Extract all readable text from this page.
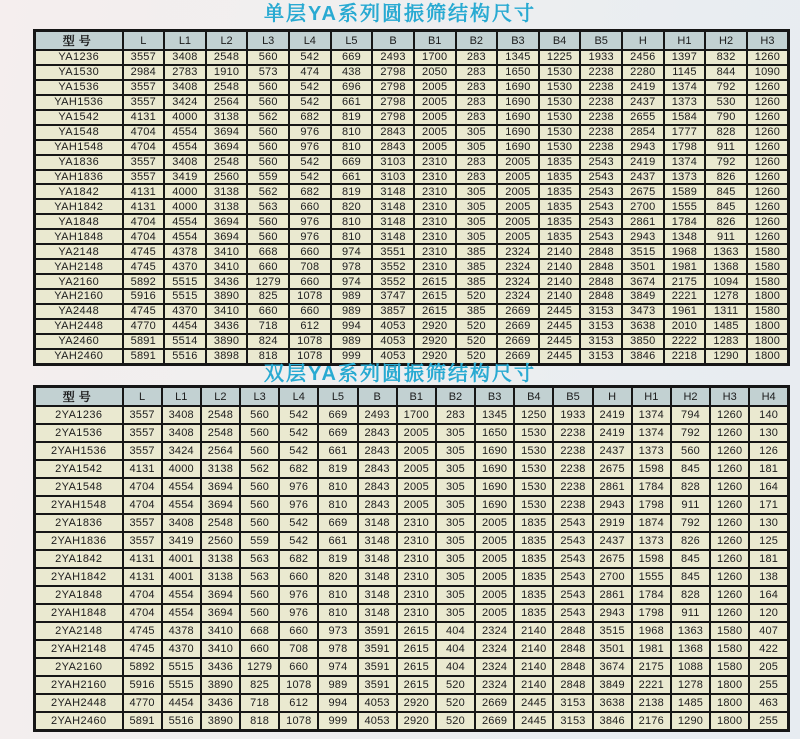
单层YA系列圆振筛结构尺寸
型号	L	L1	L2	L3	L4	L5	B	B1	B2	B3	B4	B5	H	H1	H2	H3
YA1236	3557	3408	2548	560	542	669	2493	1700	283	1345	1225	1933	2456	1397	832	1260
YA1530	2984	2783	1910	573	474	438	2798	2050	283	1650	1530	2238	2280	1145	844	1090
YA1536	3557	3408	2548	560	542	696	2798	2005	283	1690	1530	2238	2419	1374	792	1260
YAH1536	3557	3424	2564	560	542	661	2798	2005	283	1690	1530	2238	2437	1373	530	1260
YA1542	4131	4000	3138	562	682	819	2798	2005	283	1690	1530	2238	2655	1584	790	1260
YA1548	4704	4554	3694	560	976	810	2843	2005	305	1690	1530	2238	2854	1777	828	1260
YAH1548	4704	4554	3694	560	976	810	2843	2005	305	1690	1530	2238	2943	1798	911	1260
YA1836	3557	3408	2548	560	542	669	3103	2310	283	2005	1835	2543	2419	1374	792	1260
YAH1836	3557	3419	2560	559	542	661	3103	2310	283	2005	1835	2543	2437	1373	826	1260
YA1842	4131	4000	3138	562	682	819	3148	2310	305	2005	1835	2543	2675	1589	845	1260
YAH1842	4131	4000	3138	563	660	820	3148	2310	305	2005	1835	2543	2700	1555	845	1260
YA1848	4704	4554	3694	560	976	810	3148	2310	305	2005	1835	2543	2861	1784	826	1260
YAH1848	4704	4554	3694	560	976	810	3148	2310	305	2005	1835	2543	2943	1348	911	1260
YA2148	4745	4378	3410	668	660	974	3551	2310	385	2324	2140	2848	3515	1968	1363	1580
YAH2148	4745	4370	3410	660	708	978	3552	2310	385	2324	2140	2848	3501	1981	1368	1580
YA2160	5892	5515	3436	1279	660	974	3552	2615	385	2324	2140	2848	3674	2175	1094	1580
YAH2160	5916	5515	3890	825	1078	989	3747	2615	520	2324	2140	2848	3849	2221	1278	1800
YA2448	4745	4370	3410	660	660	989	3857	2615	385	2669	2445	3153	3473	1961	1311	1580
YAH2448	4770	4454	3436	718	612	994	4053	2920	520	2669	2445	3153	3638	2010	1485	1800
YA2460	5891	5514	3890	824	1078	989	4053	2920	520	2669	2445	3153	3850	2222	1283	1800
YAH2460	5891	5516	3898	818	1078	999	4053	2920	520	2669	2445	3153	3846	2218	1290	1800
双层YA系列圆振筛结构尺寸
型号	L	L1	L2	L3	L4	L5	B	B1	B2	B3	B4	B5	H	H1	H2	H3	H4
2YA1236	3557	3408	2548	560	542	669	2493	1700	283	1345	1250	1933	2419	1374	794	1260	140
2YA1536	3557	3408	2548	560	542	669	2843	2005	305	1650	1530	2238	2419	1374	792	1260	130
2YAH1536	3557	3424	2564	560	542	661	2843	2005	305	1690	1530	2238	2437	1373	560	1260	126
2YA1542	4131	4000	3138	562	682	819	2843	2005	305	1690	1530	2238	2675	1598	845	1260	181
2YA1548	4704	4554	3694	560	976	810	2843	2005	305	1690	1530	2238	2861	1784	828	1260	164
2YAH1548	4704	4554	3694	560	976	810	2843	2005	305	1690	1530	2238	2943	1798	911	1260	171
2YA1836	3557	3408	2548	560	542	669	3148	2310	305	2005	1835	2543	2919	1874	792	1260	130
2YAH1836	3557	3419	2560	559	542	661	3148	2310	305	2005	1835	2543	2437	1373	826	1260	125
2YA1842	4131	4001	3138	563	682	819	3148	2310	305	2005	1835	2543	2675	1598	845	1260	181
2YAH1842	4131	4001	3138	563	660	820	3148	2310	305	2005	1835	2543	2700	1555	845	1260	138
2YA1848	4704	4554	3694	560	976	810	3148	2310	305	2005	1835	2543	2861	1784	828	1260	164
2YAH1848	4704	4554	3694	560	976	810	3148	2310	305	2005	1835	2543	2943	1798	911	1260	120
2YA2148	4745	4378	3410	668	660	973	3591	2615	404	2324	2140	2848	3515	1968	1363	1580	407
2YAH2148	4745	4370	3410	660	708	978	3591	2615	404	2324	2140	2848	3501	1981	1368	1580	422
2YA2160	5892	5515	3436	1279	660	974	3591	2615	404	2324	2140	2848	3674	2175	1088	1580	205
2YAH2160	5916	5515	3890	825	1078	989	3591	2615	520	2324	2140	2848	3849	2221	1278	1800	255
2YAH2448	4770	4454	3436	718	612	994	4053	2920	520	2669	2445	3153	3638	2138	1485	1800	463
2YAH2460	5891	5516	3890	818	1078	999	4053	2920	520	2669	2445	3153	3846	2176	1290	1800	255
